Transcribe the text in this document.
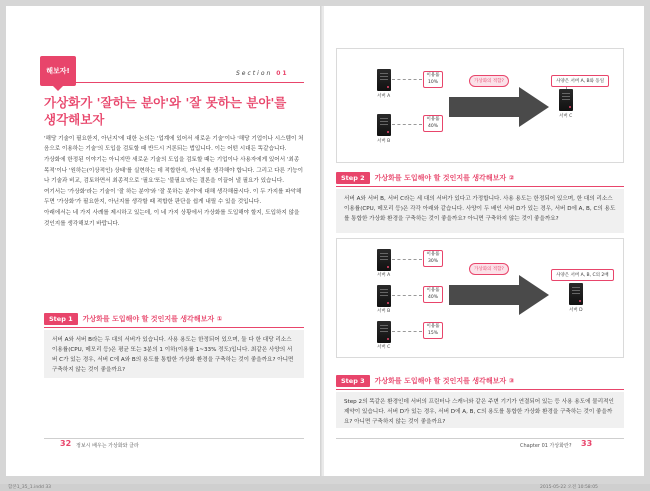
해보자!	Section 01
가상화가 '잘하는 분야'와 '잘 못하는 분야'를 생각해보자

'해당 기술이 필요한지, 아닌지'에 대한 논의는 '업계에 있어서 새로운 기술'이나 '해당 기업이나 시스템이 처음으로 이용하는 기술'의 도입을 검토할 때 반드시 거론되는 법입니다. 이는 어떤 시대든 똑같습니다.

가상화에 한정된 이야기는 아니지만 새로운 기술의 도입을 검토할 때는 기업이나 사용자에게 있어서 '최종 목적'이나 '원하는(이상적인) 상태'를 실현하는 데 적합한지, 아닌지를 생각해야 합니다. 그리고 다른 기능이나 기술과 비교, 검토하면서 최종적으로 '필요'또는 '불필요'라는 결론을 이끌어 낼 필요가 있습니다.

여기서는 '가상화'라는 기술이 '잘 하는 분야'와 '잘 못하는 분야'에 대해 생각해봅시다. 이 두 가지를 파악해 두면 '가상화'가 필요한지, 아닌지를 생각할 때 적합한 판단을 쉽게 내릴 수 있을 것입니다.

아래에서는 네 가지 사례를 제시하고 있는데, 이 네 가지 상황에서 가상화를 도입해야 할지, 도입하지 않을 것인지를 생각해보기 바랍니다.

Step 1	가상화를 도입해야 할 것인지를 생각해보자 ①
서버 A와 서버 B라는 두 대의 서버가 있습니다. 사용 용도는 한정되어 있으며, 둘 다 한 대당 리소스 이용률(CPU, 메모리 등)은 평균 또는 3분의 1 이하(이용률 1~33% 정도)입니다. 최같은 사양의 서버 C가 있는 경우, 서버 C에 A와 B의 용도를 통합한 가상화 환경을 구축하는 것이 좋을까요? 아니면 구축하지 않는 것이 좋을까요?
32 정보시 배우는 가상화와 클라
서버 A
이용률
10%
서버 B
이용률
40%
가상화의 적합?
서버 C
사양은 서버 A, B와 동일
Step 2	가상화를 도입해야 할 것인지를 생각해보자 ②
서버 A와 서버 B, 서버 C라는 세 대의 서버가 있다고 가정합니다. 사용 용도는 한정되어 있으며, 한 대의 리소스 이용률(CPU, 메모리 등)은 각각 아래와 같습니다. 사양이 두 배인 서버 D가 있는 경우, 서버 D에 A, B, C의 용도를 통합한 가상화 환경을 구축하는 것이 좋을까요? 아니면 구축하지 않는 것이 좋을까요?
서버 A
이용률
30%
서버 B
이용률
40%
서버 C
이용률
15%
가상화의 적합?
서버 D
사양은 서버 A, B, C의 2배
Step 3	가상화를 도입해야 할 것인지를 생각해보자 ③
Step 2의 똑같은 환경인데 서버의 프린터나 스캐너와 같은 주변 기기가 연결되어 있는 등 사용 용도에 물리적인 제약이 있습니다. 서버 D가 있는 경우, 서버 D에 A, B, C의 용도를 통합한 가상화 환경을 구축하는 것이 좋을까요? 아니면 구축하지 않는 것이 좋을까요?
Chapter 01 가상화란? 33
합본1_35_1.indd 33	2015-05-22 오전 10:58:05
